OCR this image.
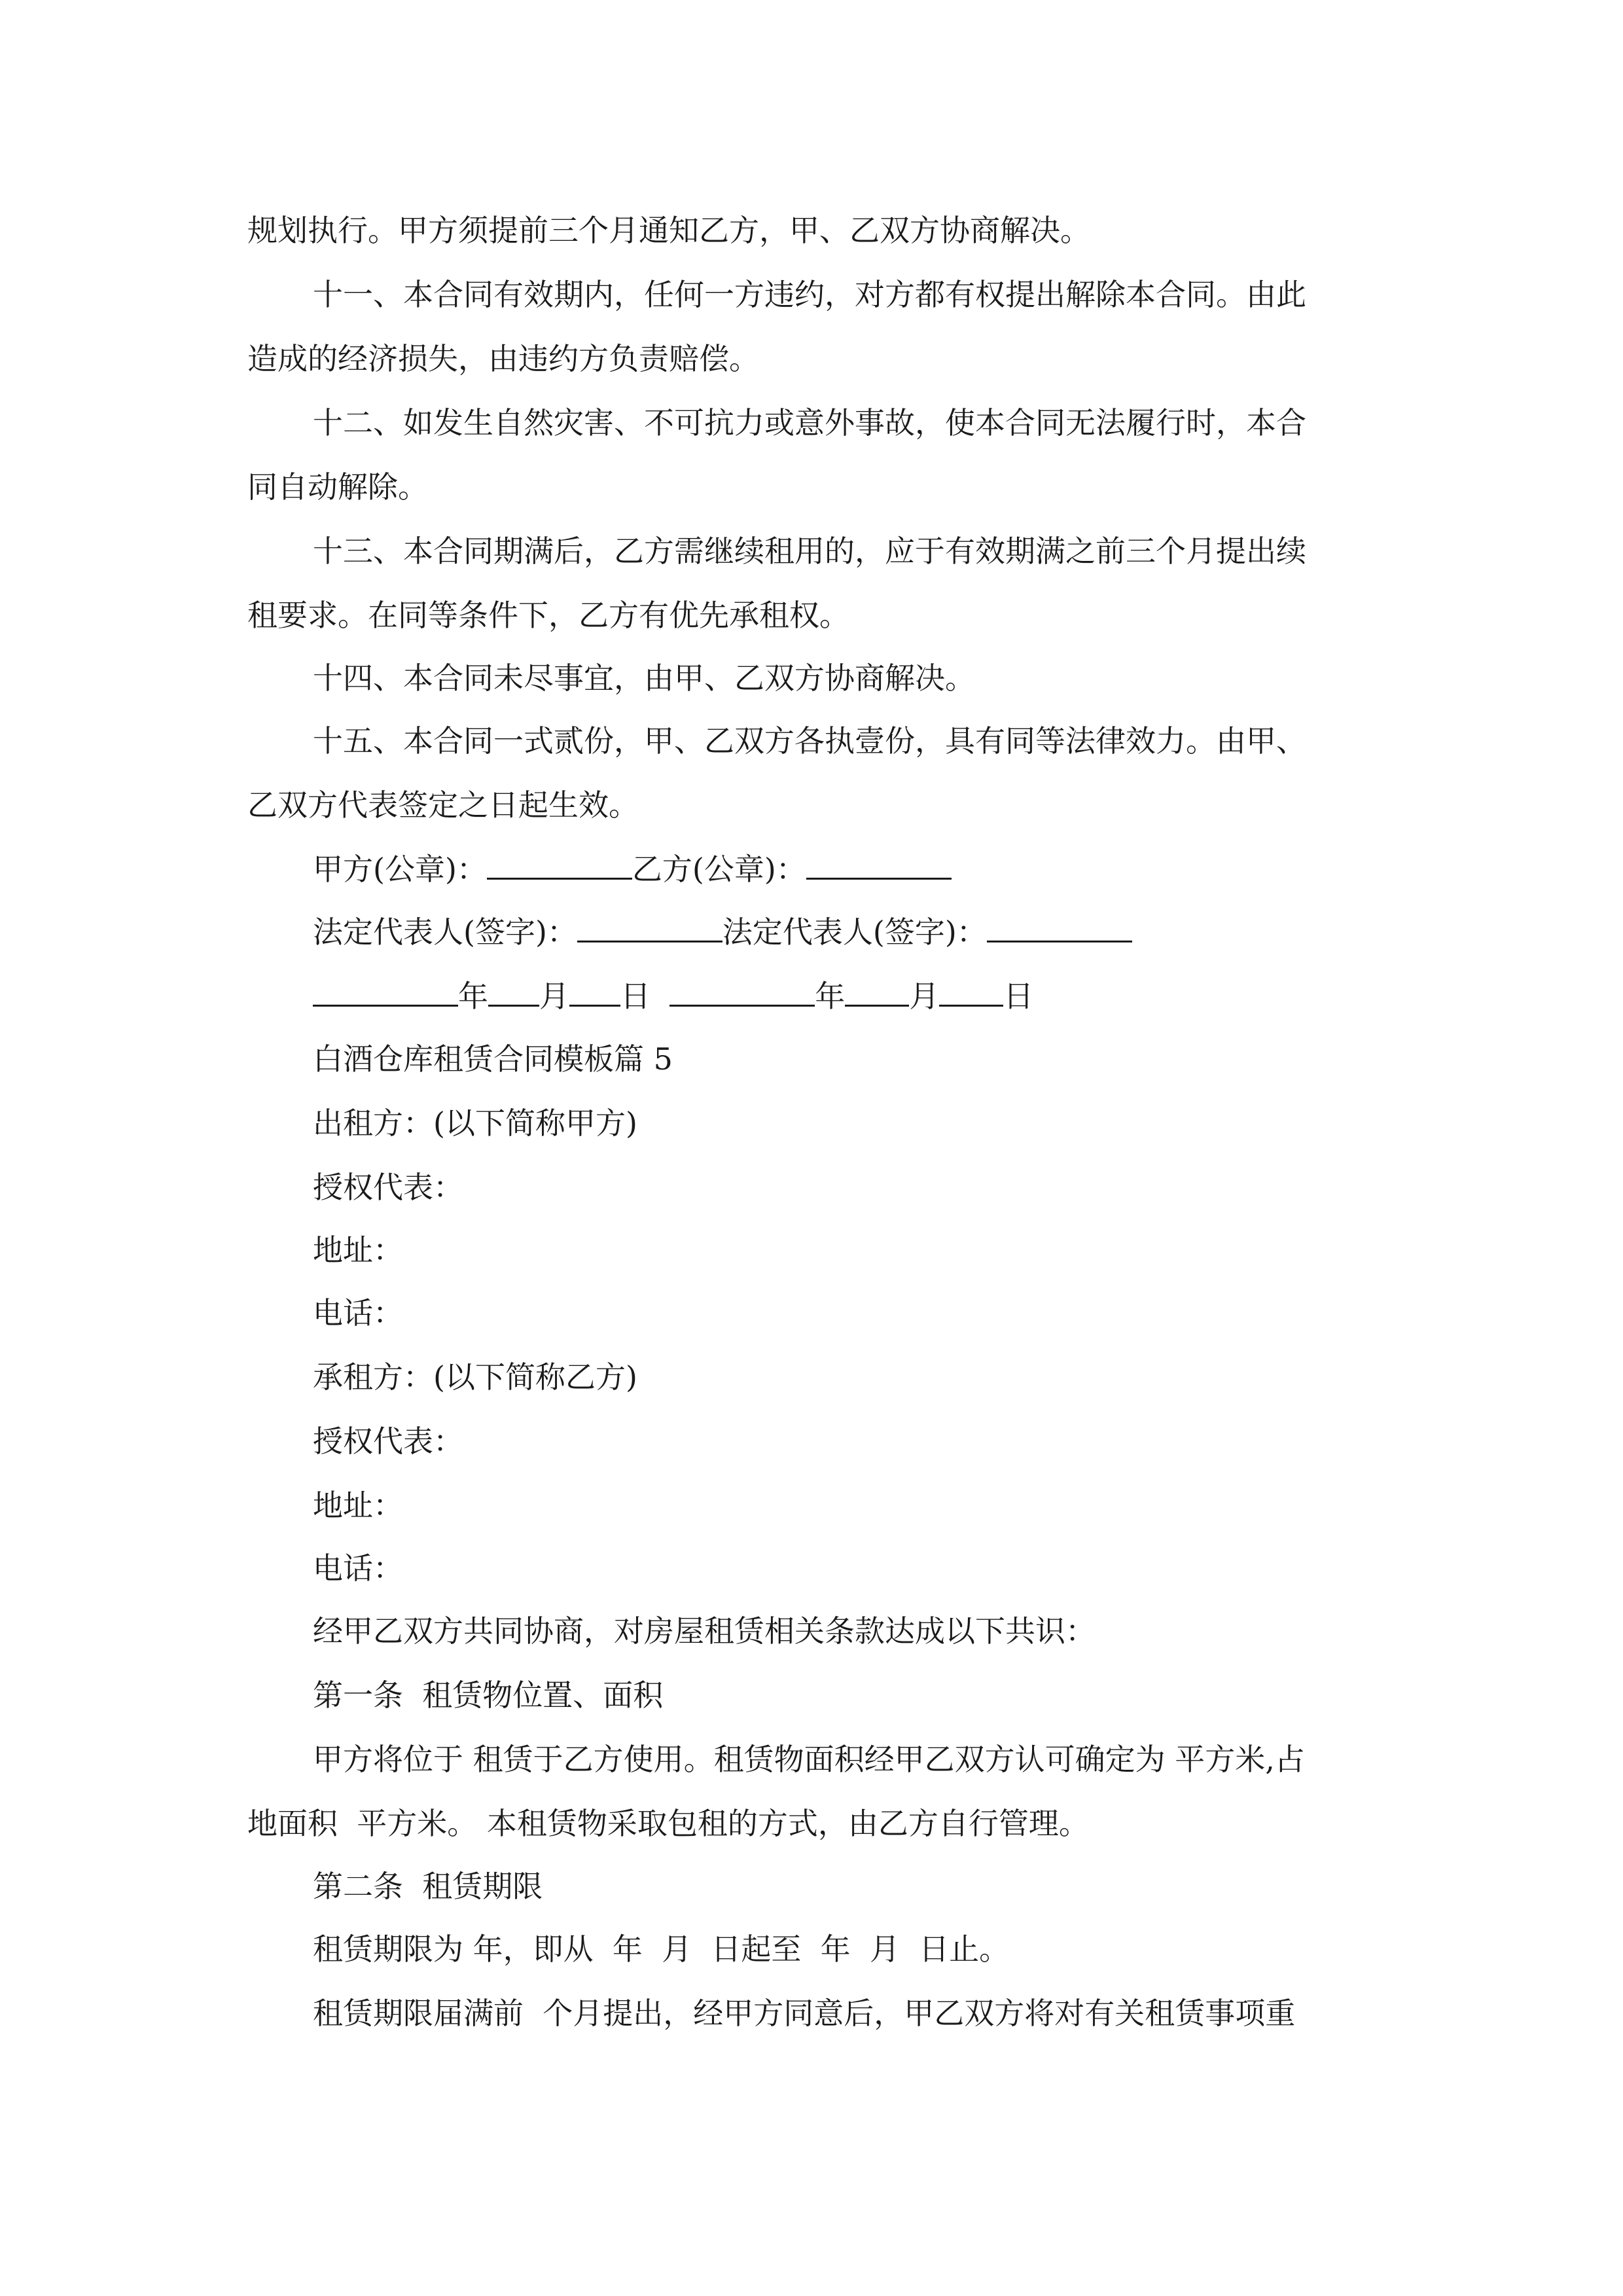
规划执行。甲方须提前三个月通知乙方，甲、乙双方协商解决。
十一、本合同有效期内，任何一方违约，对方都有权提出解除本合同。由此
造成的经济损失，由违约方负责赔偿。
十二、如发生自然灾害、不可抗力或意外事故，使本合同无法履行时，本合
同自动解除。
十三、本合同期满后，乙方需继续租用的，应于有效期满之前三个月提出续
租要求。在同等条件下，乙方有优先承租权。
十四、本合同未尽事宜，由甲、乙双方协商解决。
十五、本合同一式贰份，甲、乙双方各执壹份，具有同等法律效力。由甲、
乙双方代表签定之日起生效。
甲方(公章)：	乙方(公章)：
法定代表人(签字)：	法定代表人(签字)：
年 月 日	年 月 日
白酒仓库租赁合同模板篇 5
出租方：(以下简称甲方)
授权代表：
地址：
电话：
承租方：(以下简称乙方)
授权代表：
地址：
电话：
经甲乙双方共同协商，对房屋租赁相关条款达成以下共识：
第一条  租赁物位置、面积
甲方将位于 租赁于乙方使用。租赁物面积经甲乙双方认可确定为 平方米,占
地面积  平方米。 本租赁物采取包租的方式，由乙方自行管理。
第二条  租赁期限
租赁期限为 年，即从  年  月  日起至  年  月  日止。
租赁期限届满前  个月提出，经甲方同意后，甲乙双方将对有关租赁事项重
